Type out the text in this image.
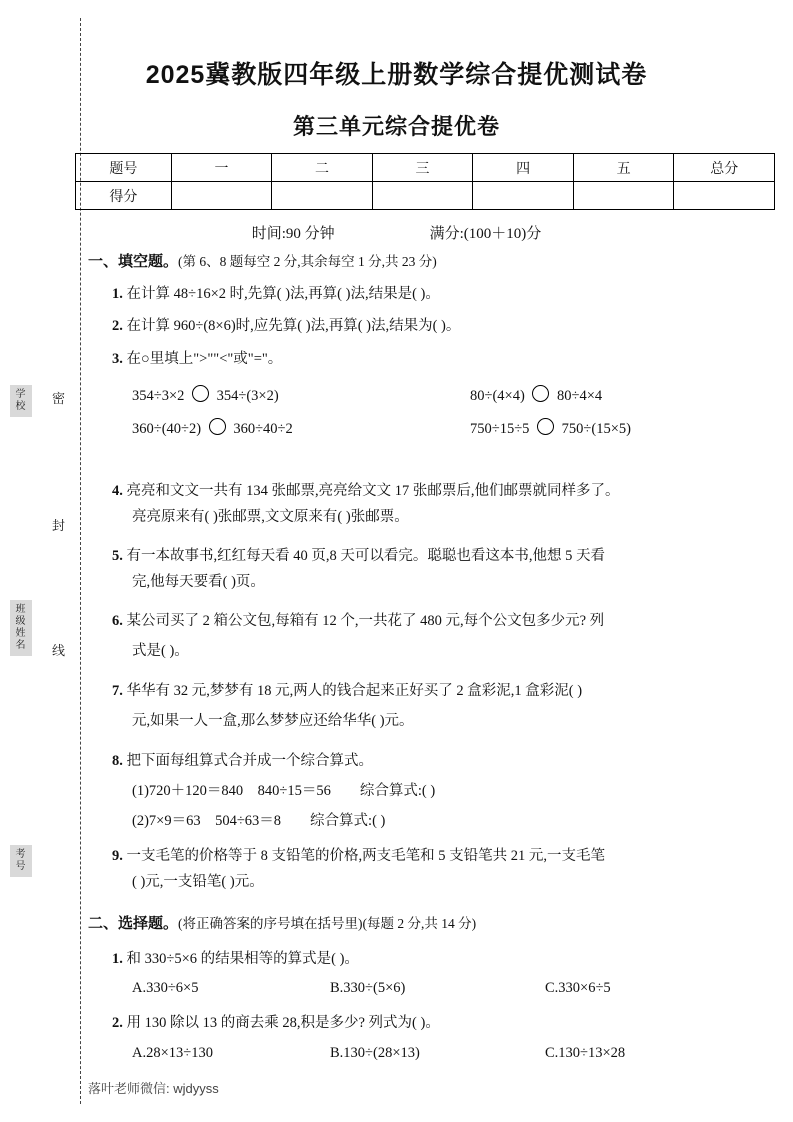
学校
班级姓名
考号
密
封
线
2025冀教版四年级上册数学综合提优测试卷
第三单元综合提优卷
题号	一	二	三	四	五	总分
得分						
时间:90 分钟	满分:(100＋10)分
一、填空题。(第 6、8 题每空 2 分,其余每空 1 分,共 23 分)
1. 在计算 48÷16×2 时,先算( )法,再算( )法,结果是( )。
2. 在计算 960÷(8×6)时,应先算( )法,再算( )法,结果为( )。
3. 在○里填上">""<"或"="。
354÷3×2 354÷(3×2)	80÷(4×4) 80÷4×4
360÷(40÷2) 360÷40÷2	750÷15÷5 750÷(15×5)
4. 亮亮和文文一共有 134 张邮票,亮亮给文文 17 张邮票后,他们邮票就同样多了。
亮亮原来有( )张邮票,文文原来有( )张邮票。
5. 有一本故事书,红红每天看 40 页,8 天可以看完。聪聪也看这本书,他想 5 天看
完,他每天要看( )页。
6. 某公司买了 2 箱公文包,每箱有 12 个,一共花了 480 元,每个公文包多少元? 列
式是( )。
7. 华华有 32 元,梦梦有 18 元,两人的钱合起来正好买了 2 盒彩泥,1 盒彩泥( )
元,如果一人一盒,那么梦梦应还给华华( )元。
8. 把下面每组算式合并成一个综合算式。
(1)720＋120＝840　840÷15＝56　　综合算式:( )
(2)7×9＝63　504÷63＝8　　综合算式:( )
9. 一支毛笔的价格等于 8 支铅笔的价格,两支毛笔和 5 支铅笔共 21 元,一支毛笔
( )元,一支铅笔( )元。
二、选择题。(将正确答案的序号填在括号里)(每题 2 分,共 14 分)
1. 和 330÷5×6 的结果相等的算式是( )。
A.330÷6×5	B.330÷(5×6)	C.330×6÷5
2. 用 130 除以 13 的商去乘 28,积是多少? 列式为( )。
A.28×13÷130	B.130÷(28×13)	C.130÷13×28
落叶老师微信: wjdyyss
